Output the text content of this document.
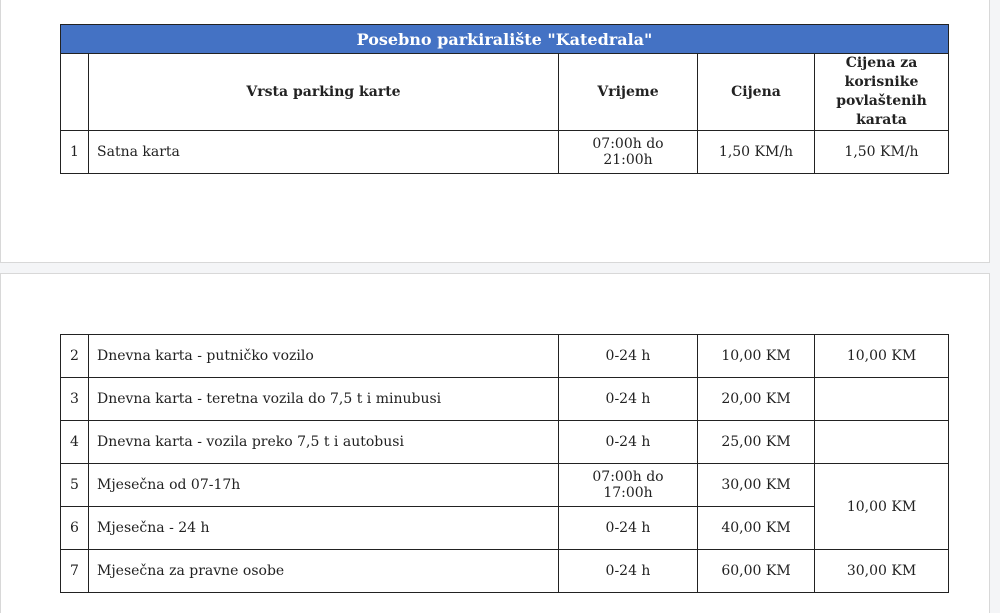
Posebno parkiralište "Katedrala"				
	Vrsta parking karte	Vrijeme	Cijena	Cijena za korisnike povlaštenih karata
1	Satna karta	07:00h do 21:00h	1,50 KM/h	1,50 KM/h
2	Dnevna karta - putničko vozilo	0-24 h	10,00 KM	10,00 KM
3	Dnevna karta - teretna vozila do 7,5 t i minubusi	0-24 h	20,00 KM	
4	Dnevna karta - vozila preko 7,5 t i autobusi	0-24 h	25,00 KM	
5	Mjesečna od 07-17h	07:00h do 17:00h	30,00 KM	10,00 KM
6	Mjesečna - 24 h	0-24 h	40,00 KM	
7	Mjesečna za pravne osobe	0-24 h	60,00 KM	30,00 KM
